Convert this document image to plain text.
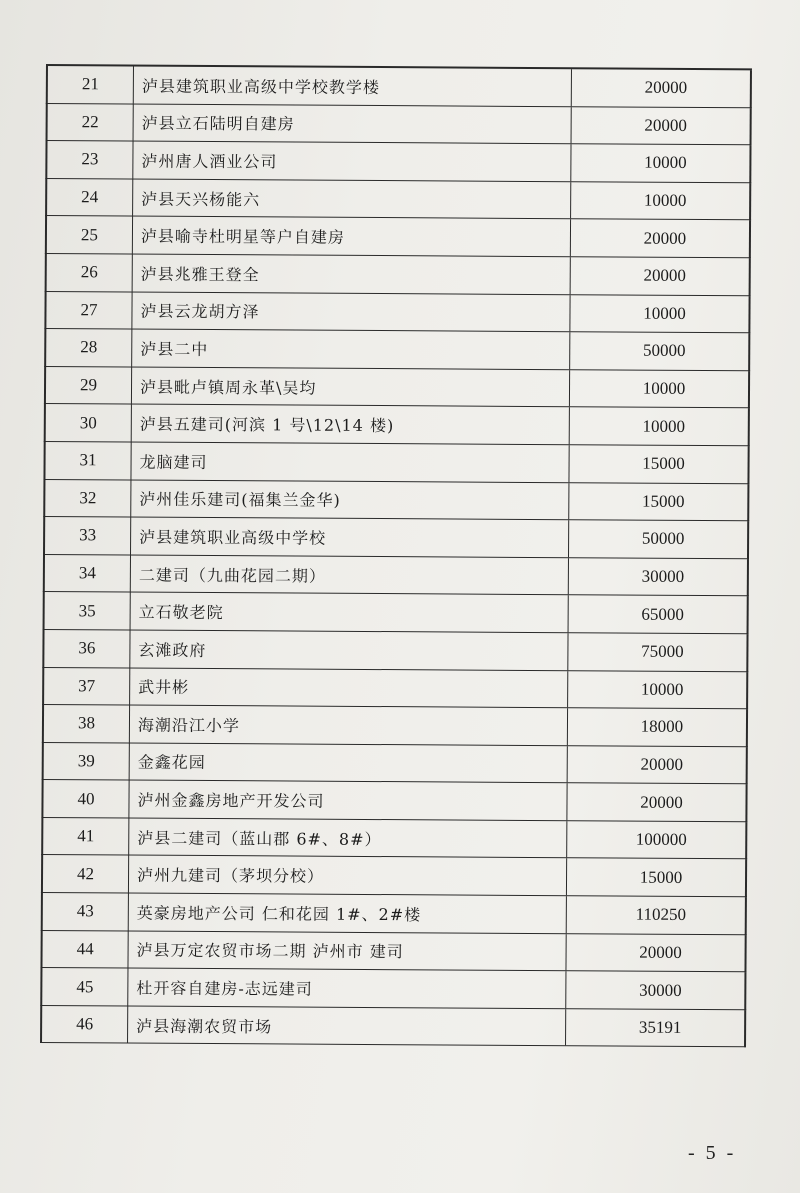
21	泸县建筑职业高级中学校教学楼	20000
22	泸县立石陆明自建房	20000
23	泸州唐人酒业公司	10000
24	泸县天兴杨能六	10000
25	泸县喻寺杜明星等户自建房	20000
26	泸县兆雅王登全	20000
27	泸县云龙胡方泽	10000
28	泸县二中	50000
29	泸县毗卢镇周永革\吴均	10000
30	泸县五建司(河滨 1 号\12\14 楼)	10000
31	龙脑建司	15000
32	泸州佳乐建司(福集兰金华)	15000
33	泸县建筑职业高级中学校	50000
34	二建司（九曲花园二期）	30000
35	立石敬老院	65000
36	玄滩政府	75000
37	武井彬	10000
38	海潮沿江小学	18000
39	金鑫花园	20000
40	泸州金鑫房地产开发公司	20000
41	泸县二建司（蓝山郡 6#、8#）	100000
42	泸州九建司（茅坝分校）	15000
43	英豪房地产公司 仁和花园 1#、2#楼	110250
44	泸县万定农贸市场二期 泸州市 建司	20000
45	杜开容自建房-志远建司	30000
46	泸县海潮农贸市场	35191
- 5 -
